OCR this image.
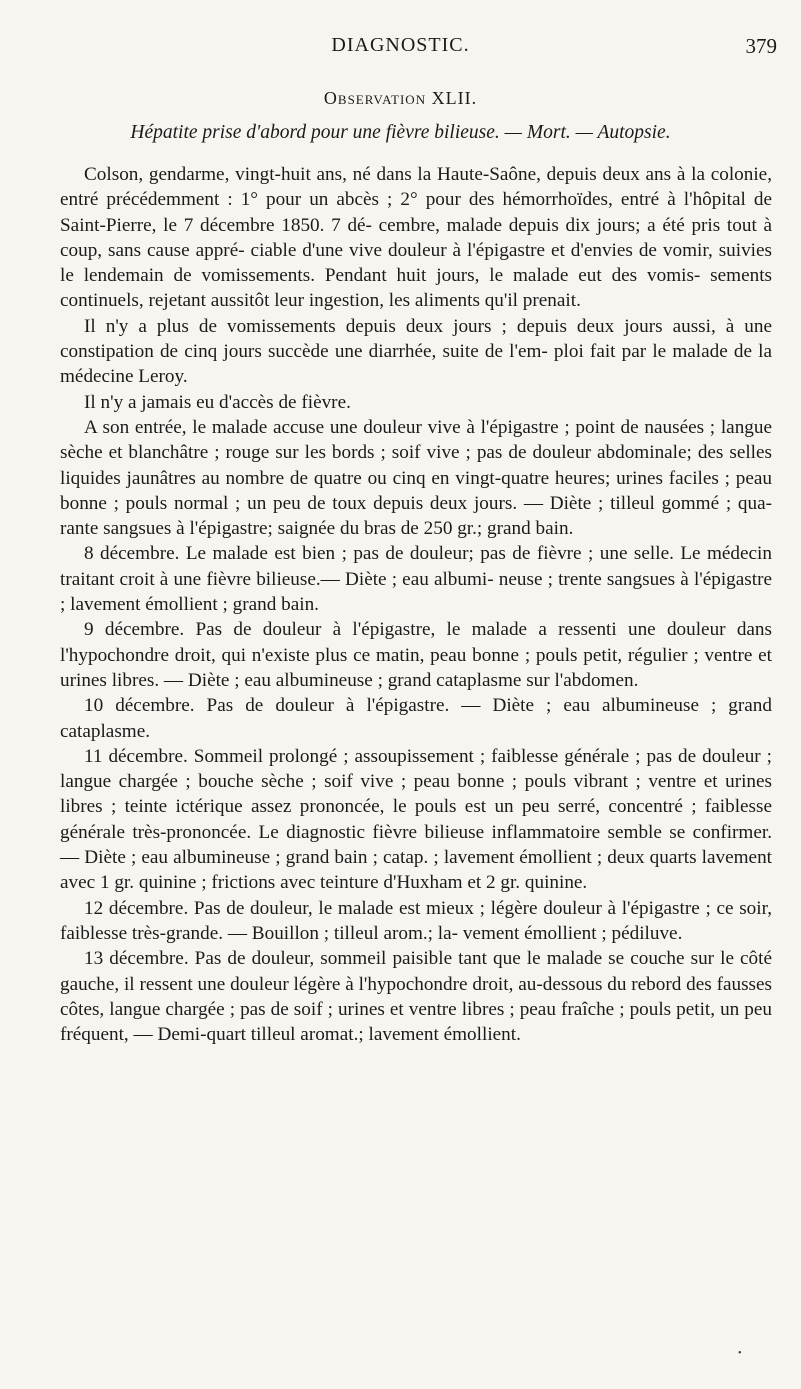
DIAGNOSTIC.	379
Observation XLII.
Hépatite prise d'abord pour une fièvre bilieuse. — Mort. — Autopsie.

Colson, gendarme, vingt-huit ans, né dans la Haute-Saône, depuis deux ans à la colonie, entré précédemment : 1° pour un abcès ; 2° pour des hémorrhoïdes, entré à l'hôpital de Saint-Pierre, le 7 décembre 1850. 7 dé- cembre, malade depuis dix jours; a été pris tout à coup, sans cause appré- ciable d'une vive douleur à l'épigastre et d'envies de vomir, suivies le lendemain de vomissements. Pendant huit jours, le malade eut des vomis- sements continuels, rejetant aussitôt leur ingestion, les aliments qu'il prenait.

Il n'y a plus de vomissements depuis deux jours ; depuis deux jours aussi, à une constipation de cinq jours succède une diarrhée, suite de l'em- ploi fait par le malade de la médecine Leroy.

Il n'y a jamais eu d'accès de fièvre.

A son entrée, le malade accuse une douleur vive à l'épigastre ; point de nausées ; langue sèche et blanchâtre ; rouge sur les bords ; soif vive ; pas de douleur abdominale; des selles liquides jaunâtres au nombre de quatre ou cinq en vingt-quatre heures; urines faciles ; peau bonne ; pouls normal ; un peu de toux depuis deux jours. — Diète ; tilleul gommé ; qua- rante sangsues à l'épigastre; saignée du bras de 250 gr.; grand bain.

8 décembre. Le malade est bien ; pas de douleur; pas de fièvre ; une selle. Le médecin traitant croit à une fièvre bilieuse.— Diète ; eau albumi- neuse ; trente sangsues à l'épigastre ; lavement émollient ; grand bain.

9 décembre. Pas de douleur à l'épigastre, le malade a ressenti une douleur dans l'hypochondre droit, qui n'existe plus ce matin, peau bonne ; pouls petit, régulier ; ventre et urines libres. — Diète ; eau albumineuse ; grand cataplasme sur l'abdomen.

10 décembre. Pas de douleur à l'épigastre. — Diète ; eau albumineuse ; grand cataplasme.

11 décembre. Sommeil prolongé ; assoupissement ; faiblesse générale ; pas de douleur ; langue chargée ; bouche sèche ; soif vive ; peau bonne ; pouls vibrant ; ventre et urines libres ; teinte ictérique assez prononcée, le pouls est un peu serré, concentré ; faiblesse générale très-prononcée. Le diagnostic fièvre bilieuse inflammatoire semble se confirmer. — Diète ; eau albumineuse ; grand bain ; catap. ; lavement émollient ; deux quarts lavement avec 1 gr. quinine ; frictions avec teinture d'Huxham et 2 gr. quinine.

12 décembre. Pas de douleur, le malade est mieux ; légère douleur à l'épigastre ; ce soir, faiblesse très-grande. — Bouillon ; tilleul arom.; la- vement émollient ; pédiluve.

13 décembre. Pas de douleur, sommeil paisible tant que le malade se couche sur le côté gauche, il ressent une douleur légère à l'hypochondre droit, au-dessous du rebord des fausses côtes, langue chargée ; pas de soif ; urines et ventre libres ; peau fraîche ; pouls petit, un peu fréquent, — Demi-quart tilleul aromat.; lavement émollient.

•
